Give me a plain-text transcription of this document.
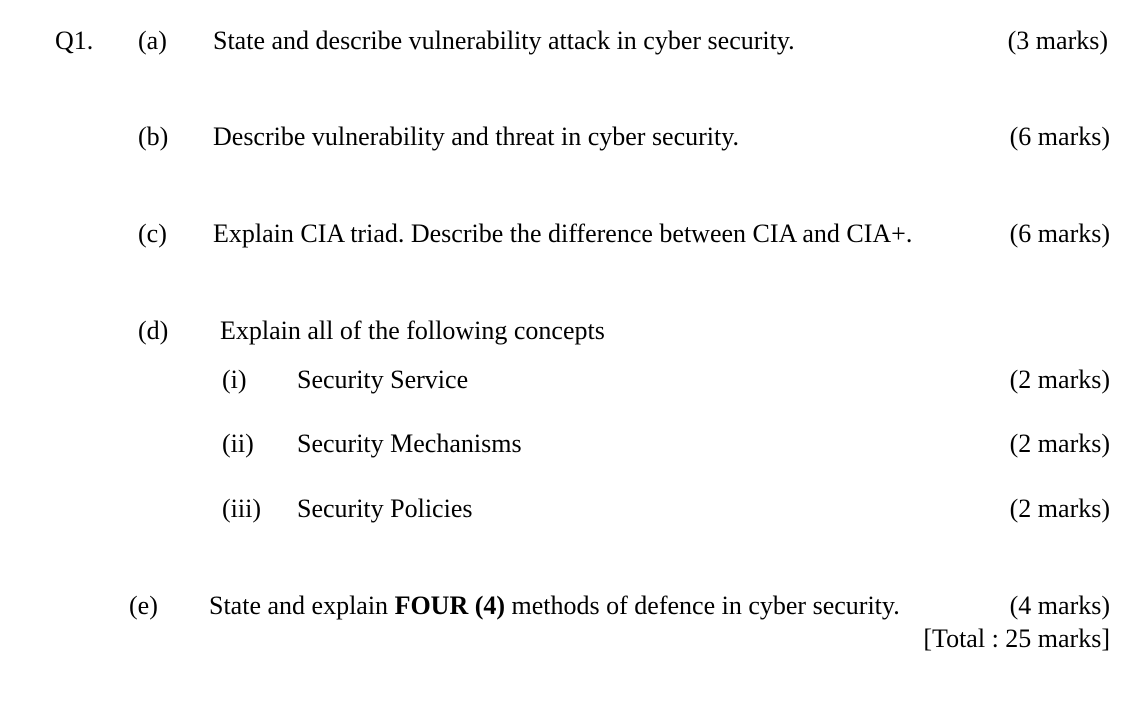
Q1. (a) State and describe vulnerability attack in cyber security.	(3 marks)
(b) Describe vulnerability and threat in cyber security.	(6 marks)
(c) Explain CIA triad. Describe the difference between CIA and CIA+.	(6 marks)
(d) Explain all of the following concepts
(i) Security Service	(2 marks)
(ii) Security Mechanisms	(2 marks)
(iii) Security Policies	(2 marks)
(e) State and explain FOUR (4) methods of defence in cyber security.	(4 marks)
[Total : 25 marks]
